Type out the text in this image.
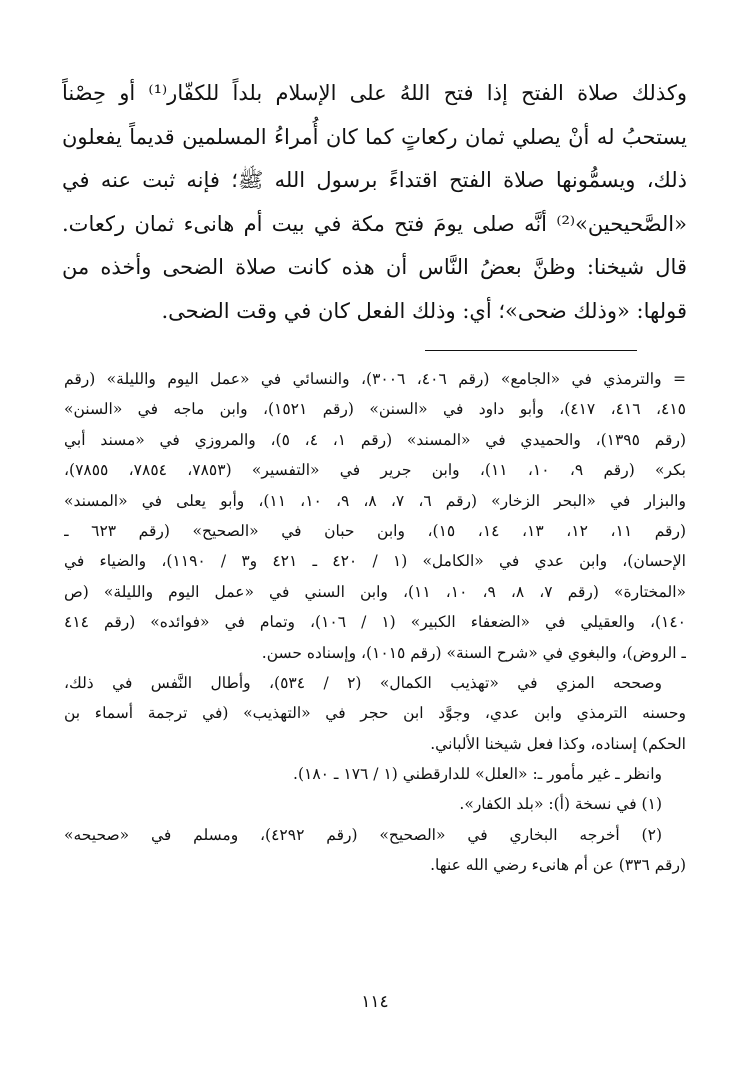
وكذلك صلاة الفتح إذا فتح اللهُ على الإسلام بلداً للكفّار⁽¹⁾ أو حِصْناً
يستحبُ له أنْ يصلي ثمان ركعاتٍ كما كان أُمراءُ المسلمين قديماً يفعلون
ذلك، ويسمُّونها صلاة الفتح اقتداءً برسول الله ﷺ؛ فإنه ثبت عنه في
«الصَّحيحين»⁽²⁾ أنَّه صلى يومَ فتح مكة في بيت أم هانىء ثمان ركعات.
قال شيخنا: وظنَّ بعضُ النَّاس أن هذه كانت صلاة الضحى وأخذه من
قولها: «وذلك ضحى»؛ أي: وذلك الفعل كان في وقت الضحى.
= والترمذي في «الجامع» (رقم ٤٠٦، ٣٠٠٦)، والنسائي في «عمل اليوم والليلة» (رقم
٤١٥، ٤١٦، ٤١٧)، وأبو داود في «السنن» (رقم ١٥٢١)، وابن ماجه في «السنن»
(رقم ١٣٩٥)، والحميدي في «المسند» (رقم ١، ٤، ٥)، والمروزي في «مسند أبي
بكر» (رقم ٩، ١٠، ١١)، وابن جرير في «التفسير» (٧٨٥٣، ٧٨٥٤، ٧٨٥٥)،
والبزار في «البحر الزخار» (رقم ٦، ٧، ٨، ٩، ١٠، ١١)، وأبو يعلى في «المسند»
(رقم ١١، ١٢، ١٣، ١٤، ١٥)، وابن حبان في «الصحيح» (رقم ٦٢٣ ـ
الإحسان)، وابن عدي في «الكامل» (١ / ٤٢٠ ـ ٤٢١ و٣ / ١١٩٠)، والضياء في
«المختارة» (رقم ٧، ٨، ٩، ١٠، ١١)، وابن السني في «عمل اليوم والليلة» (ص
١٤٠)، والعقيلي في «الضعفاء الكبير» (١ / ١٠٦)، وتمام في «فوائده» (رقم ٤١٤
ـ الروض)، والبغوي في «شرح السنة» (رقم ١٠١٥)، وإسناده حسن.
وصححه المزي في «تهذيب الكمال» (٢ / ٥٣٤)، وأطال النَّفس في ذلك،
وحسنه الترمذي وابن عدي، وجوَّد ابن حجر في «التهذيب» (في ترجمة أسماء بن
الحكم) إسناده، وكذا فعل شيخنا الألباني.
وانظر ـ غير مأمور ـ: «العلل» للدارقطني (١ / ١٧٦ ـ ١٨٠).
(١) في نسخة (أ): «بلد الكفار».
(٢) أخرجه البخاري في «الصحيح» (رقم ٤٢٩٢)، ومسلم في «صحيحه»
(رقم ٣٣٦) عن أم هانىء رضي الله عنها.
١١٤
